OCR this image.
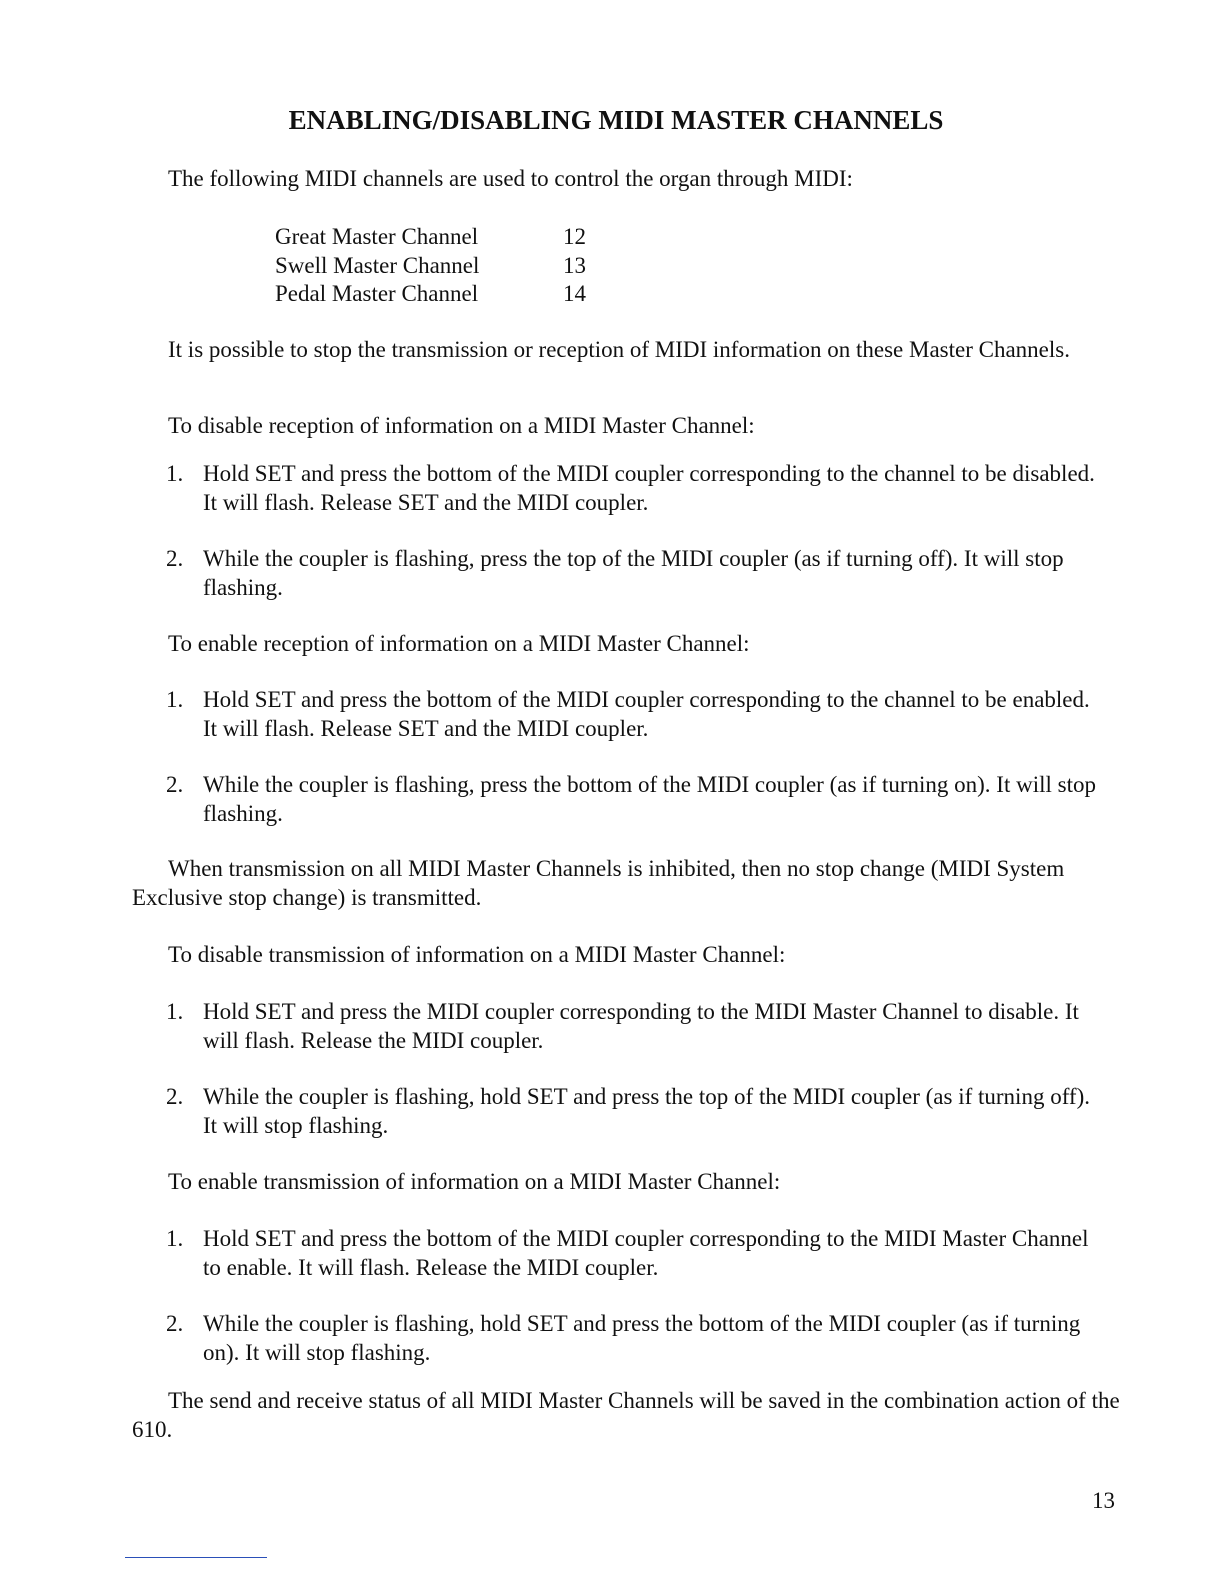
ENABLING/DISABLING MIDI MASTER CHANNELS

The following MIDI channels are used to control the organ through MIDI:

Great Master Channel	12
Swell Master Channel	13
Pedal Master Channel	14

It is possible to stop the transmission or reception of MIDI information on these Master Channels.

To disable reception of information on a MIDI Master Channel:

1. Hold SET and press the bottom of the MIDI coupler corresponding to the channel to be disabled. It will flash. Release SET and the MIDI coupler.
2. While the coupler is flashing, press the top of the MIDI coupler (as if turning off). It will stop flashing.

To enable reception of information on a MIDI Master Channel:

1. Hold SET and press the bottom of the MIDI coupler corresponding to the channel to be enabled. It will flash. Release SET and the MIDI coupler.
2. While the coupler is flashing, press the bottom of the MIDI coupler (as if turning on). It will stop flashing.

When transmission on all MIDI Master Channels is inhibited, then no stop change (MIDI System Exclusive stop change) is transmitted.

To disable transmission of information on a MIDI Master Channel:

1. Hold SET and press the MIDI coupler corresponding to the MIDI Master Channel to disable. It will flash. Release the MIDI coupler.
2. While the coupler is flashing, hold SET and press the top of the MIDI coupler (as if turning off). It will stop flashing.

To enable transmission of information on a MIDI Master Channel:

1. Hold SET and press the bottom of the MIDI coupler corresponding to the MIDI Master Channel to enable. It will flash. Release the MIDI coupler.
2. While the coupler is flashing, hold SET and press the bottom of the MIDI coupler (as if turning on). It will stop flashing.

The send and receive status of all MIDI Master Channels will be saved in the combination action of the 610.

13
